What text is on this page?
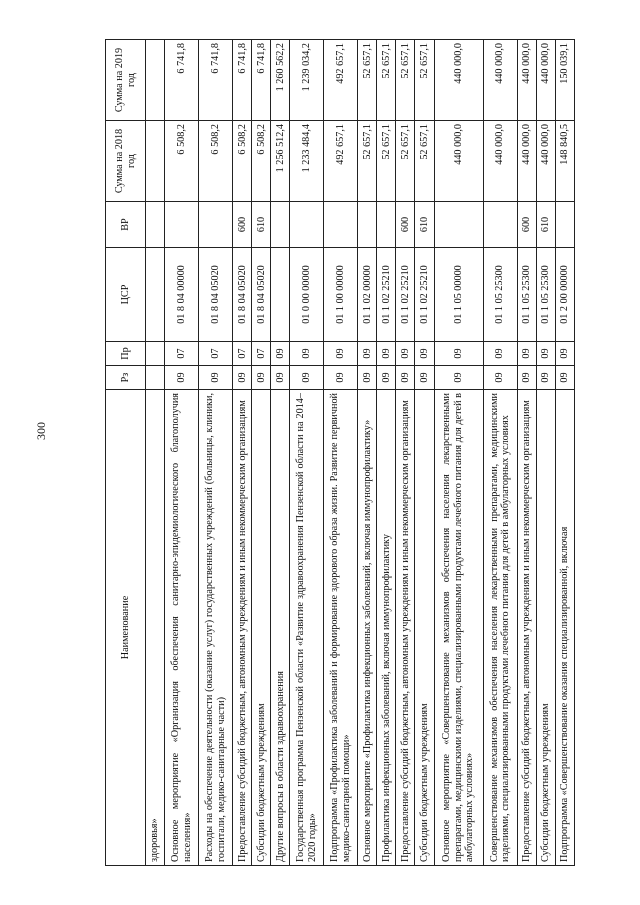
300
Наименование	Рз	Пр	ЦСР	ВР	Сумма на 2018 год	Сумма на 2019 год
здоровья»						
Основное мероприятие «Организация обеспечения санитарно-эпидемиологического благополучия населения»	09	07	01 8 04 00000		6 508,2	6 741,8
Расходы на обеспечение деятельности (оказание услуг) государственных учреждений (больницы, клиники, госпитали, медико-санитарные части)	09	07	01 8 04 05020		6 508,2	6 741,8
Предоставление субсидий бюджетным, автономным учреждениям и иным некоммерческим организациям	09	07	01 8 04 05020	600	6 508,2	6 741,8
Субсидии бюджетным учреждениям	09	07	01 8 04 05020	610	6 508,2	6 741,8
Другие вопросы в области здравоохранения	09	09			1 256 512,4	1 260 562,2
Государственная программа Пензенской области «Развитие здравоохранения Пензенской области на 2014–2020 годы»	09	09	01 0 00 00000		1 233 484,4	1 239 034,2
Подпрограмма «Профилактика заболеваний и формирование здорового образа жизни. Развитие первичной медико-санитарной помощи»	09	09	01 1 00 00000		492 657,1	492 657,1
Основное мероприятие «Профилактика инфекционных заболеваний, включая иммунопрофилактику»	09	09	01 1 02 00000		52 657,1	52 657,1
Профилактика инфекционных заболеваний, включая иммунопрофилактику	09	09	01 1 02 25210		52 657,1	52 657,1
Предоставление субсидий бюджетным, автономным учреждениям и иным некоммерческим организациям	09	09	01 1 02 25210	600	52 657,1	52 657,1
Субсидии бюджетным учреждениям	09	09	01 1 02 25210	610	52 657,1	52 657,1
Основное мероприятие «Совершенствование механизмов обеспечения населения лекарственными препаратами, медицинскими изделиями, специализированными продуктами лечебного питания для детей в амбулаторных условиях»	09	09	01 1 05 00000		440 000,0	440 000,0
Совершенствование механизмов обеспечения населения лекарственными препаратами, медицинскими изделиями, специализированными продуктами лечебного питания для детей в амбулаторных условиях	09	09	01 1 05 25300		440 000,0	440 000,0
Предоставление субсидий бюджетным, автономным учреждениям и иным некоммерческим организациям	09	09	01 1 05 25300	600	440 000,0	440 000,0
Субсидии бюджетным учреждениям	09	09	01 1 05 25300	610	440 000,0	440 000,0
Подпрограмма «Совершенствование оказания специализированной, включая	09	09	01 2 00 00000		148 840,5	150 039,1
